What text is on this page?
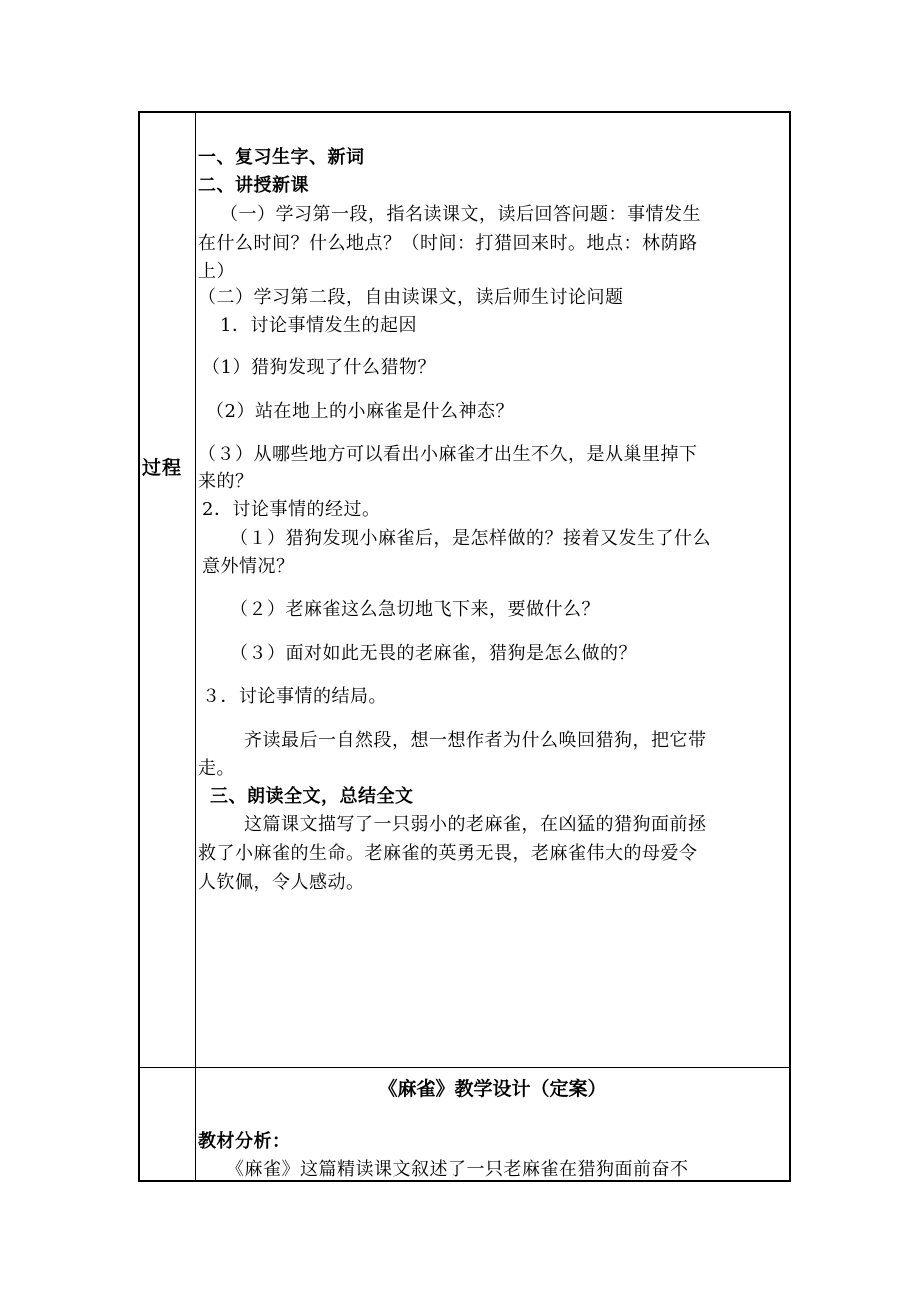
过程
一、复习生字、新词
二、讲授新课
（一）学习第一段，指名读课文，读后回答问题：事情发生
在什么时间？什么地点？（时间：打猎回来时。地点：林荫路
上）
（二）学习第二段，自由读课文，读后师生讨论问题
1．讨论事情发生的起因
（1）猎狗发现了什么猎物？
（2）站在地上的小麻雀是什么神态？
（３）从哪些地方可以看出小麻雀才出生不久，是从巢里掉下
来的？
2．讨论事情的经过。
（１）猎狗发现小麻雀后，是怎样做的？接着又发生了什么
意外情况？
（２）老麻雀这么急切地飞下来，要做什么？
（３）面对如此无畏的老麻雀，猎狗是怎么做的？
３．讨论事情的结局。
齐读最后一自然段，想一想作者为什么唤回猎狗，把它带
走。
三、朗读全文，总结全文
这篇课文描写了一只弱小的老麻雀，在凶猛的猎狗面前拯
救了小麻雀的生命。老麻雀的英勇无畏，老麻雀伟大的母爱令
人钦佩，令人感动。
《麻雀》教学设计（定案）
教材分析：
《麻雀》这篇精读课文叙述了一只老麻雀在猎狗面前奋不
